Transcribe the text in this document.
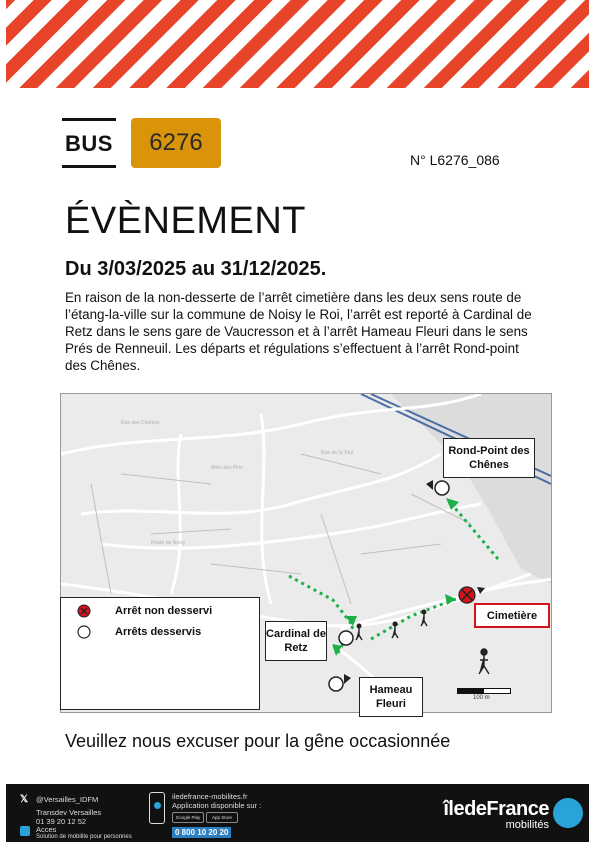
BUS	6276
N° L6276_086
ÉVÈNEMENT
Du 3/03/2025 au 31/12/2025.
En raison de la non-desserte de l’arrêt cimetière dans les deux sens route de l’étang-la-ville sur la commune de Noisy le Roi, l’arrêt est reporté à Cardinal de Retz dans le sens gare de Vaucresson et à l’arrêt Hameau Fleuri dans le sens Prés de Renneuil. Les départs et régulations s’effectuent à l’arrêt Rond-point des Chênes.
Rue des Champs
Allée des Pins
Rue de la Tour
Route de Noisy
100 m
Rond-Point des Chênes
Cimetière
Cardinal de Retz
Hameau Fleuri
Arrêt non desservi
Arrêts desservis
Veuillez nous excuser pour la gêne occasionnée
𝕏 @Versailles_IDFM
Transdev Versailles
01 39 20 12 52
Acces
Solution de mobilite pour personnes
iledefrance-mobilites.fr
Application disponible sur :
Google Play	App Store
0 800 10 20 20
îledeFrance
mobilités
